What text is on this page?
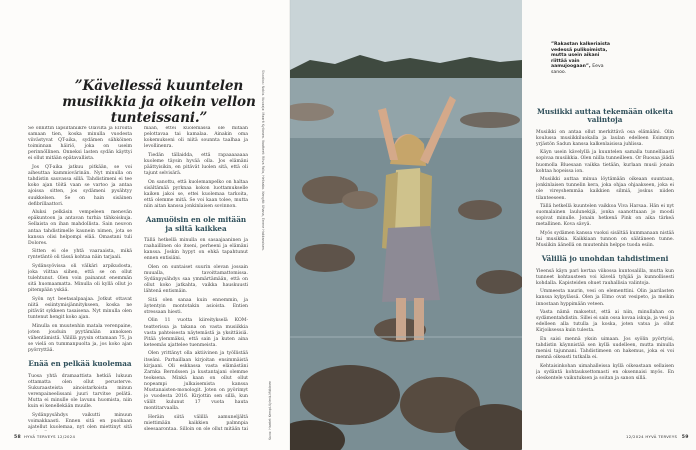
”Kävellessä kuuntelen musiikkia ja oikein vellon tunteissani.”

Se onnittin lapsiltaniikre Olavilta ja Elroilta samaan tien, koska minulla vuodesta viivästyvat QT-aika, sydämen sähköinen toiminnan häiriö, joka on useim perinnöllinen. Onneksi lasten sydän käyttyi ei ollut mitään epätavallista.

Jos QT-aika jatkuu pitkään, se voi aiheuttaa kammiovärinän. Nyt minulla on tahdistin sauvassa sillä. Tahdistimeni ei tee koko ajan töitä vaan se vartoo ja antaa ajoissa sitten, jos sydämeni pysähtyy suukkelsen. Se on hain sisäinen defibrillaattori.

Aluksi pelkäsin vempeleen menevän epäkuntoon ja antavan turhia tähkoiskuja. Sellaista on ihan mahdollista. Sain neuvon antaa tahdistimelle kaunein nimen, jota se kanssa olisi helpompi elää. Omastani tuli Dolores.

Sitten ei ole yhtä vaaraaista, mikä ryntetäntö oli tässä kohtaa näin tarjaali.

Sydänsyövissa oli välkäri arpikudosta, joka viittaa siihen, että se on ollut tulehtunut. Olen voin painanut enemmän sitä huomaamatta. Minulla oli kyllä ollut jo pitempään yskää.

Syön nyt beetasalpaajaa. Jotkut ottavat niitä esiintymisjännitykseen, koska ne pitävät sykkeen tasaisena. Nyt minulla olen tuntenut hengit koko ajan.

Minulla on muutenhin matala verenpaine, joten jouduin pyytämään annoksen vähentämistä. Välillä pyysin ottamaan 75, ja se vielä on tummanpuolta ja, jos koko ajan pyörryttää.

Enää en pelkää kuolemaa

Tuosa yhtä dramaattista hetkiä lukuun ottamatta olen ollut perusterve. Sukuraasteista ainoistarkoista minun verenpaineelissani juuri tarvitse pelätä. Mutta ei minulle ole lavunu huomista, niin kuin ei kenellekään muulle.

Sydänpysähdys vaikutti minuun voimakkaasti. Ennen sitä en puolkaan ajatellut kuolemaa, nyt olen miettinyt sitä

maan, ettei kuolemassa ole mitään pelottavaa tai kamalaa. Ainakin oma kokemukseni oli niitä sounnta taalhaa ja levollinenra.

Tiedän tällaidda, että rapaaaaaaaa kuoleme täysin hyvää olla. Jos elämäni päättyisikin, en pitävät luolen sitä, että oli tajunt selvisärä.

On sanottu, että kuolemanpelko on haltaa sisältämää pyrknaa kokon luottamukselle kaiken jakoi se, ettei kuolemaa tarkoita, että olemme mitä. Se voi kaan tolee, mutta niin aitan kanssa jonkinlaisen sovinnon.

Aamuöisin en ole mitään ja siltä kaikkea

Tällä hetkellä minulla on sasaajaaninen ja raahaillinen olo itseni, perheeni ja elämäni kanssa. Joskin hypyt on ehkä tapahtunut ennen entisiäni.

Olen on suntaiset suurin olevan jossain muualla, tavoittamattomissa. Sydänpysähdys saa ymmärtämään, että on ollut koko jatkahta, vaikka hauskuusti lähtenä entismäin.

Sitä olen sanaa kuin ennemmin, ja äytentyin montotakin asioista. Entien stressaan hiesti.

Olin 11 vuotta kiireitykselä KOM- teatterissa ja takana on vasta musiikkia vasta pahteisesta näytemästä ja yksittäisiä. Pitää ylemmäksi, että sain ja kuten aina keteemäs ajattelee tuenmeista.

Olen yrittänyt olla aktiivinen ja työllistää itseäni. Parhaillaan kirjoitan ensimmäistä kirjaani. Oli eskkassa vasta elämästäni Zarnka Berndssen ja kustantajani olemme teoksena. Minkä kaan on ollut ollut nopeampi julkaisemista kanssa Mustanaisten-monologit. Joten on pyörimyt jo vuodesta 2016. Kirjottin sen sillä, kun välilt kulunut 17 vuota hauta montitarvaalla.

Heräin siitä välillä aamuneljältä miettimään kaikkien palmnpia sleesaarontaa. Silloin on ole ollut mitään tai

58 HYVÄ TERVEYS 12/2024
Sisustus: Nokia. Kuvaaja: Maarit Kyllonen. Vaatteet: Ritva Falla, Hellaako. Kengät: Uhana, Emme Hakkaraisen.
Kuva: Harriet Kempi-Kylmä-Mäkinen
”Rakastan kalkeriaista vedessä pulikoimista, mutta usein aikani riittää vain aamujoogaan”, Eeva sanoo.
Musiikki auttaa tekemään oikeita valintoja

Musiikki on antaa ollut merkittävä osa elämääni. Olin koulussa musiikkiluokalla ja laulan edelleen Esimmyn yrjästön Sadun kanssa kalkenlaisissa juhlissa.

Käyn usein kävelyllä ja kuuntelen samalla tunnelliaasti sopivaa musiikkia. Olen niilla tunneilleen. Or Ruosaa jäädä huomolla Bluesaan vaikka tietään, kurlaan musii jonain kohtaa hopeissa ion.

Musiikki auttaa minua löytämään oikeaan suuntaan, jonkinlaisen tunnelin kera, joka ohjaa ohjaakseen, joka ei ole vireyshemmäa kaikkien silmiä, joskus niiden tilanteeseen.

Tällä hetkellä kuuntelen vaikkoa Viva Harsaa. Hän ei nyt suomalainen laulunekijä, jonka saanottuaan jo moodi sopivat minulle. Jonain hetkenä Pink on aika tärkeä metallinen. Kova sävyä.

Myös sydämen kanssa vuoksi sisältää kummanaan nistää tai musikkia. Kaikkiaan tunnon on säätäneen tunne. Musiikin äänellä on muutenhin helppo tuoda esiin.

Välillä jo unohdan tahdistimeni

Yleensä käyn pari kertaa viikossa kuntosalilla, mutta kun tunneet kohtausteen voi kävelä tyhjää ja kunnollisesti kohdalla. Kapisteiden ohuet rauhallisia valintoja.

Ummeesta naurin, vesi on elementtini. Olin jaarilasten kanssa kylpylässä. Olen ja Elmo ovat vesipeto, ja meikin innostaan hyppimään veteen.

Vasta nämä maksetut, että ai niin, minullahan on sydämentahdistin. Sillei ei sain ossa kovaa iskuja, ja vesi ja edelleen alla tutulla ja koska, joten vatsa ja ollut Kirjoiksessa kuin tulesta.

En saisi mennä yksin uimaan. Jos syölin pyörtyisi, tahdistin käynnistää sen kyllä uudelleen, mutta minulla menisi tajunnani. Tahdistimeen on hakemus, joka ei voi mennä oikeasti tutkalla ei.

Kehtaisinkohan uimahalleissa kyllä oikeastaan sellaisen ja sydäntä kohtauksettomasti en oksennaisi myös. En oleskentele vaikutuksen ja soitan ja sanon sillä.

12/2024 HYVÄ TERVEYS 59
